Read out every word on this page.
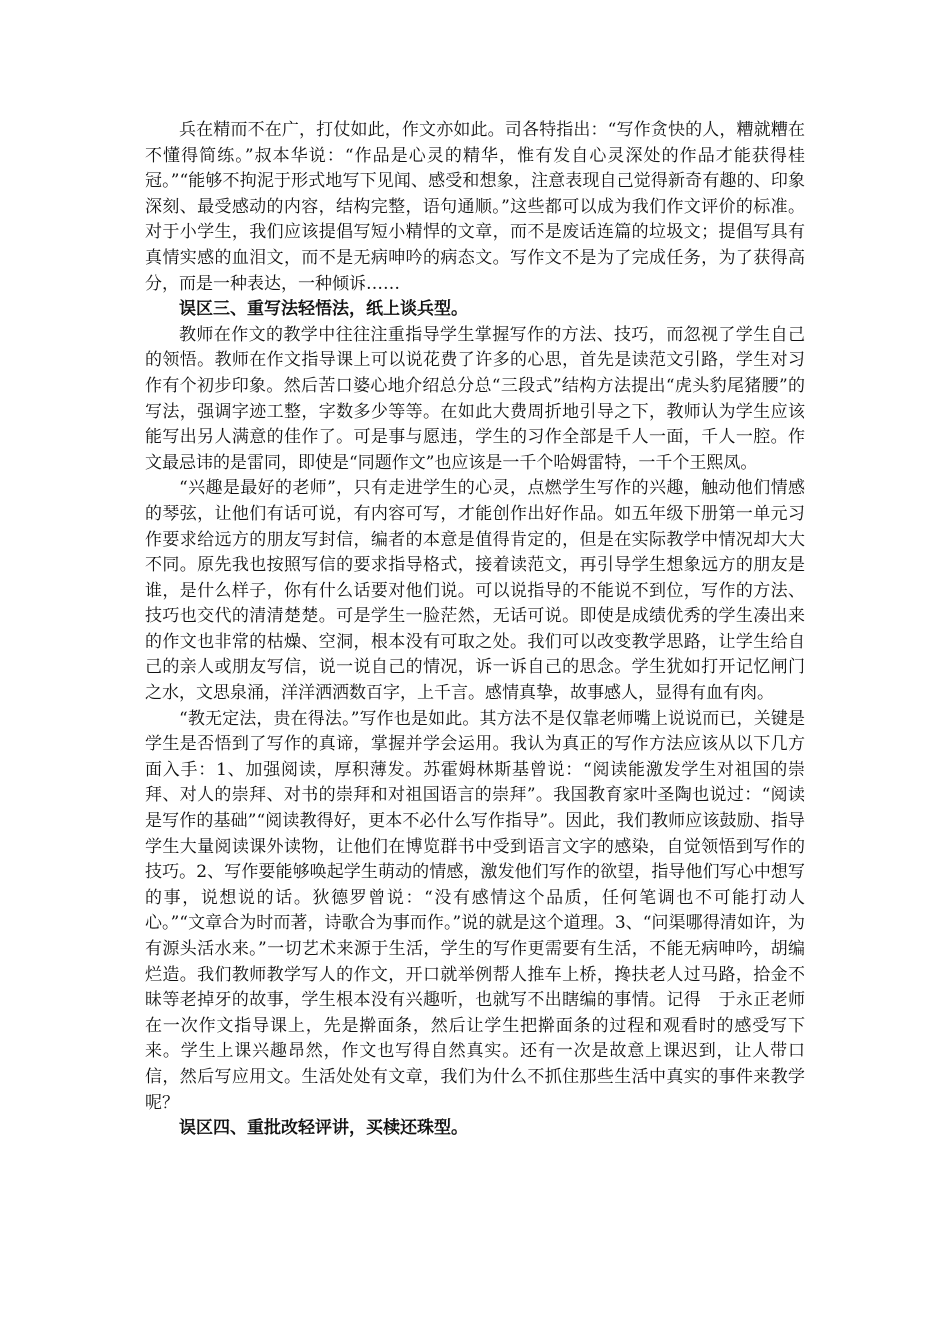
兵在精而不在广，打仗如此，作文亦如此。司各特指出：“写作贪快的人，糟就糟在不懂得简练。”叔本华说：“作品是心灵的精华，惟有发自心灵深处的作品才能获得桂冠。”“能够不拘泥于形式地写下见闻、感受和想象，注意表现自己觉得新奇有趣的、印象深刻、最受感动的内容，结构完整，语句通顺。”这些都可以成为我们作文评价的标准。对于小学生，我们应该提倡写短小精悍的文章，而不是废话连篇的垃圾文；提倡写具有真情实感的血泪文，而不是无病呻吟的病态文。写作文不是为了完成任务，为了获得高分，而是一种表达，一种倾诉……

误区三、重写法轻悟法，纸上谈兵型。

教师在作文的教学中往往注重指导学生掌握写作的方法、技巧，而忽视了学生自己的领悟。教师在作文指导课上可以说花费了许多的心思，首先是读范文引路，学生对习作有个初步印象。然后苦口婆心地介绍总分总“三段式”结构方法提出“虎头豹尾猪腰”的写法，强调字迹工整，字数多少等等。在如此大费周折地引导之下，教师认为学生应该能写出另人满意的佳作了。可是事与愿违，学生的习作全部是千人一面，千人一腔。作文最忌讳的是雷同，即使是“同题作文”也应该是一千个哈姆雷特，一千个王熙凤。

“兴趣是最好的老师”，只有走进学生的心灵，点燃学生写作的兴趣，触动他们情感的琴弦，让他们有话可说，有内容可写，才能创作出好作品。如五年级下册第一单元习作要求给远方的朋友写封信，编者的本意是值得肯定的，但是在实际教学中情况却大大不同。原先我也按照写信的要求指导格式，接着读范文，再引导学生想象远方的朋友是谁，是什么样子，你有什么话要对他们说。可以说指导的不能说不到位，写作的方法、技巧也交代的清清楚楚。可是学生一脸茫然，无话可说。即使是成绩优秀的学生凑出来的作文也非常的枯燥、空洞，根本没有可取之处。我们可以改变教学思路，让学生给自己的亲人或朋友写信，说一说自己的情况，诉一诉自己的思念。学生犹如打开记忆闸门之水，文思泉涌，洋洋洒洒数百字，上千言。感情真挚，故事感人，显得有血有肉。

“教无定法，贵在得法。”写作也是如此。其方法不是仅靠老师嘴上说说而已，关键是学生是否悟到了写作的真谛，掌握并学会运用。我认为真正的写作方法应该从以下几方面入手：1、加强阅读，厚积薄发。苏霍姆林斯基曾说：“阅读能激发学生对祖国的崇拜、对人的崇拜、对书的崇拜和对祖国语言的崇拜”。我国教育家叶圣陶也说过：“阅读是写作的基础”“阅读教得好，更本不必什么写作指导”。因此，我们教师应该鼓励、指导学生大量阅读课外读物，让他们在博览群书中受到语言文字的感染，自觉领悟到写作的技巧。2、写作要能够唤起学生萌动的情感，激发他们写作的欲望，指导他们写心中想写的事，说想说的话。狄德罗曾说：“没有感情这个品质，任何笔调也不可能打动人心。”“文章合为时而著，诗歌合为事而作。”说的就是这个道理。3、“问渠哪得清如许，为有源头活水来。”一切艺术来源于生活，学生的写作更需要有生活，不能无病呻吟，胡编烂造。我们教师教学写人的作文，开口就举例帮人推车上桥，搀扶老人过马路，拾金不昧等老掉牙的故事，学生根本没有兴趣听，也就写不出瞎编的事情。记得　于永正老师在一次作文指导课上，先是擀面条，然后让学生把擀面条的过程和观看时的感受写下来。学生上课兴趣昂然，作文也写得自然真实。还有一次是故意上课迟到，让人带口信，然后写应用文。生活处处有文章，我们为什么不抓住那些生活中真实的事件来教学呢？

误区四、重批改轻评讲，买椟还珠型。
